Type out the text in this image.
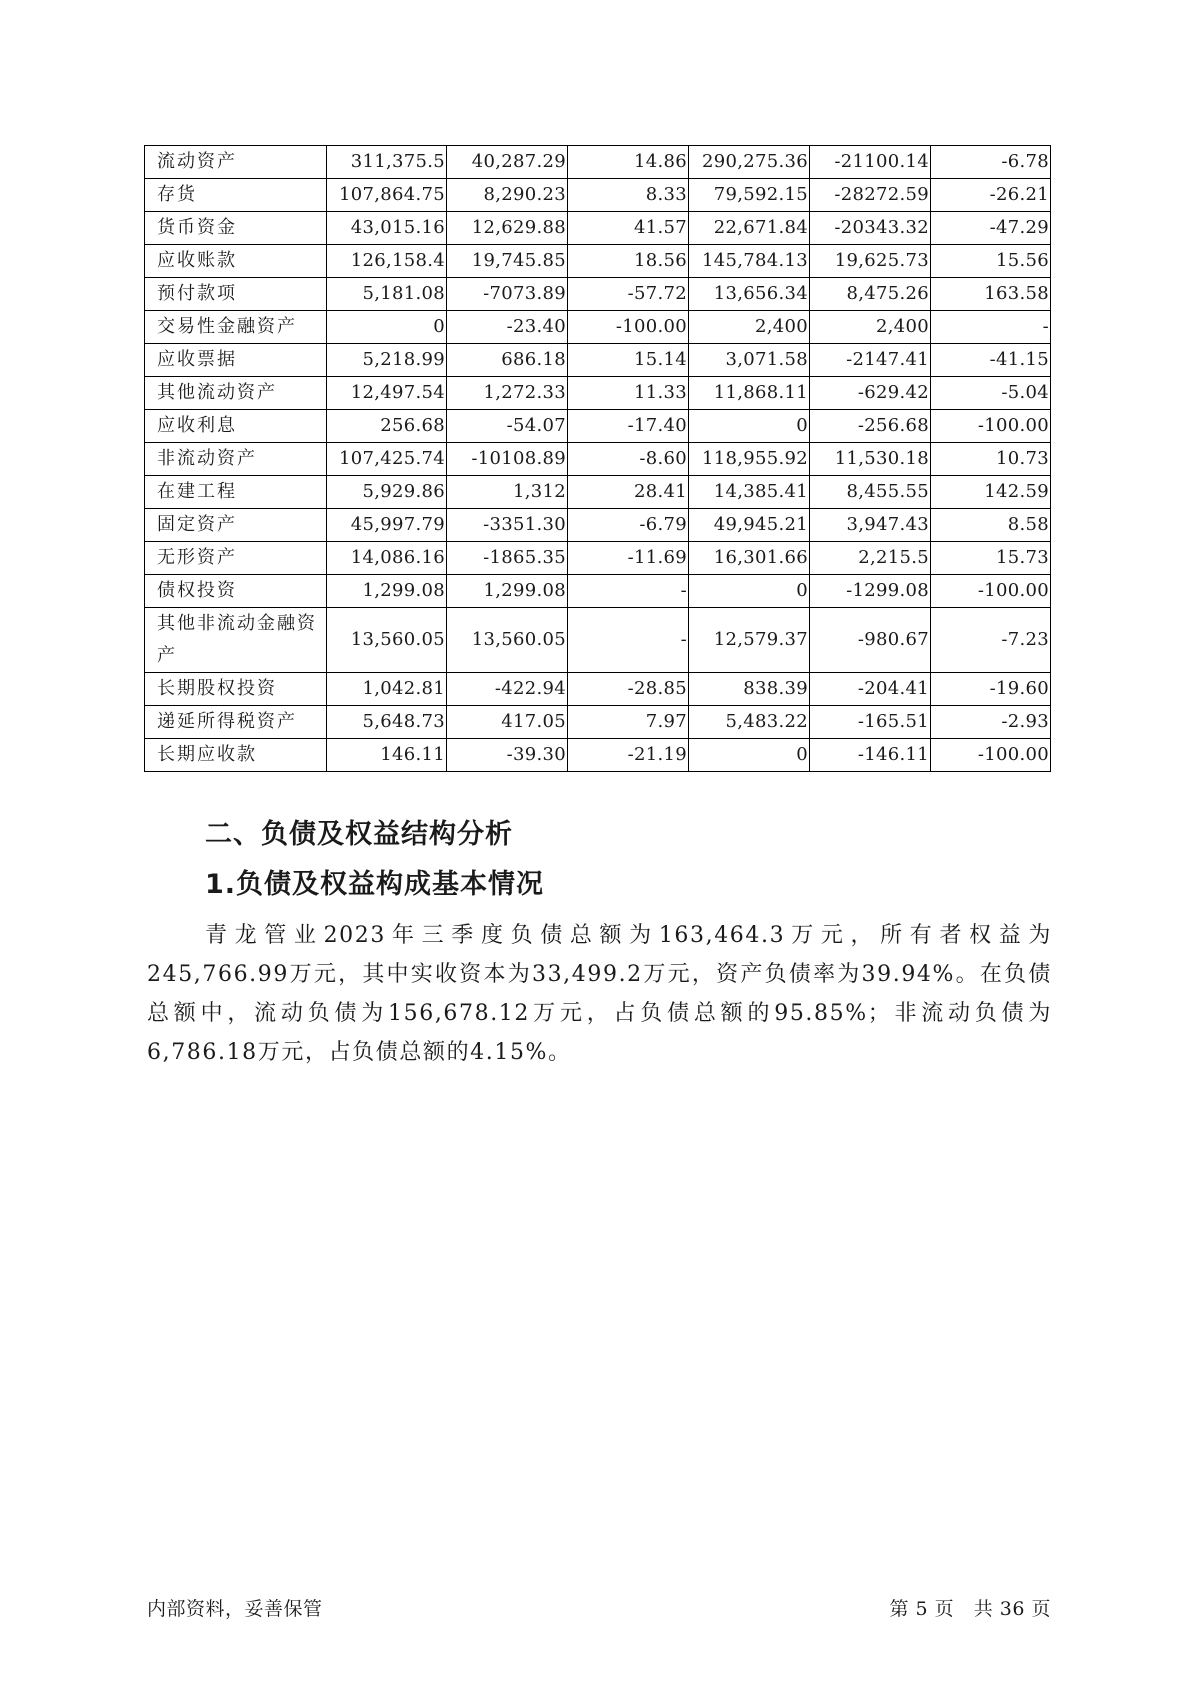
流动资产	311,375.5	40,287.29	14.86	290,275.36	-21100.14	-6.78
存货	107,864.75	8,290.23	8.33	79,592.15	-28272.59	-26.21
货币资金	43,015.16	12,629.88	41.57	22,671.84	-20343.32	-47.29
应收账款	126,158.4	19,745.85	18.56	145,784.13	19,625.73	15.56
预付款项	5,181.08	-7073.89	-57.72	13,656.34	8,475.26	163.58
交易性金融资产	0	-23.40	-100.00	2,400	2,400	-
应收票据	5,218.99	686.18	15.14	3,071.58	-2147.41	-41.15
其他流动资产	12,497.54	1,272.33	11.33	11,868.11	-629.42	-5.04
应收利息	256.68	-54.07	-17.40	0	-256.68	-100.00
非流动资产	107,425.74	-10108.89	-8.60	118,955.92	11,530.18	10.73
在建工程	5,929.86	1,312	28.41	14,385.41	8,455.55	142.59
固定资产	45,997.79	-3351.30	-6.79	49,945.21	3,947.43	8.58
无形资产	14,086.16	-1865.35	-11.69	16,301.66	2,215.5	15.73
债权投资	1,299.08	1,299.08	-	0	-1299.08	-100.00
其他非流动金融资产	13,560.05	13,560.05	-	12,579.37	-980.67	-7.23
长期股权投资	1,042.81	-422.94	-28.85	838.39	-204.41	-19.60
递延所得税资产	5,648.73	417.05	7.97	5,483.22	-165.51	-2.93
长期应收款	146.11	-39.30	-21.19	0	-146.11	-100.00
二、负债及权益结构分析
1.负债及权益构成基本情况

青龙管业2023年三季度负债总额为163,464.3万元，所有者权益为245,766.99万元，其中实收资本为33,499.2万元，资产负债率为39.94%。在负债总额中，流动负债为156,678.12万元，占负债总额的95.85%；非流动负债为6,786.18万元，占负债总额的4.15%。

内部资料，妥善保管	第 5 页   共 36 页
